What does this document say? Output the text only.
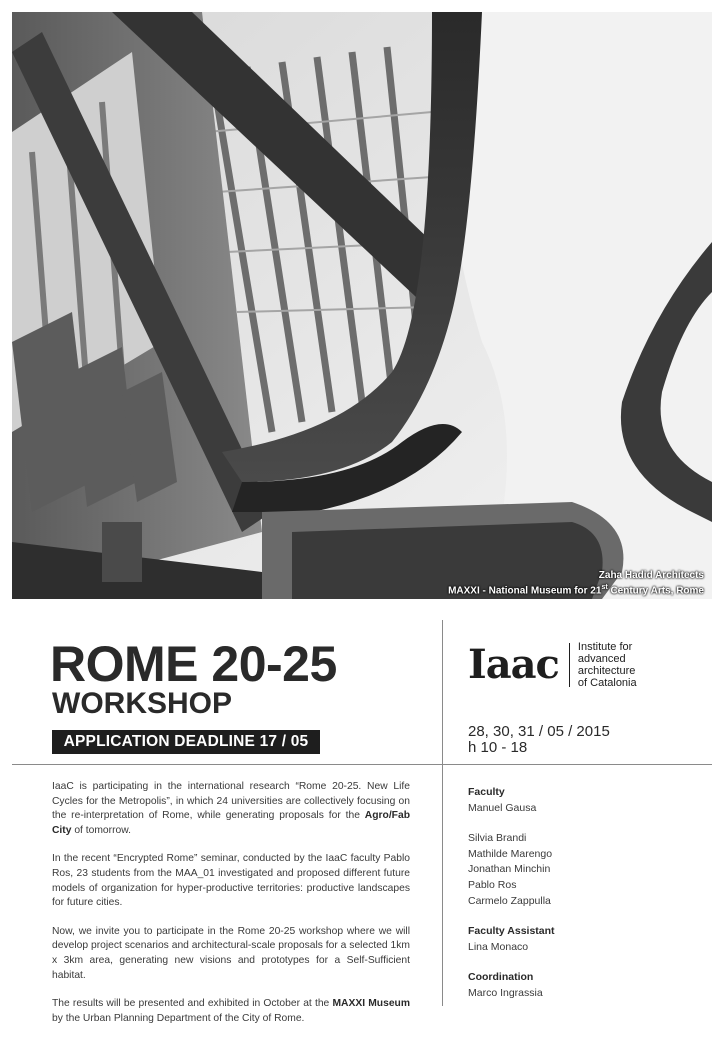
Zaha Hadid Architects
MAXXI - National Museum for 21st Century Arts, Rome
ROME 20-25
WORKSHOP
APPLICATION DEADLINE 17 / 05
Iaac Institute for
advanced
architecture
of Catalonia
28, 30, 31 / 05 / 2015
h 10 - 18

IaaC is participating in the international research “Rome 20-25. New Life Cycles for the Metropolis”, in which 24 universities are collectively focusing on the re-interpretation of Rome, while generating proposals for the Agro/Fab City of tomorrow.

In the recent “Encrypted Rome” seminar, conducted by the IaaC faculty Pablo Ros, 23 students from the MAA_01 investigated and proposed different future models of organization for hyper-productive territories: productive landscapes for future cities.

Now, we invite you to participate in the Rome 20-25 workshop where we will develop project scenarios and architectural-scale proposals for a selected 1km x 3km area, generating new visions and prototypes for a Self-Sufficient habitat.

The results will be presented and exhibited in October at the MAXXI Museum by the Urban Planning Department of the City of Rome.

Faculty
Manuel Gausa
Silvia Brandi
Mathilde Marengo
Jonathan Minchin
Pablo Ros
Carmelo Zappulla
Faculty Assistant
Lina Monaco
Coordination
Marco Ingrassia
